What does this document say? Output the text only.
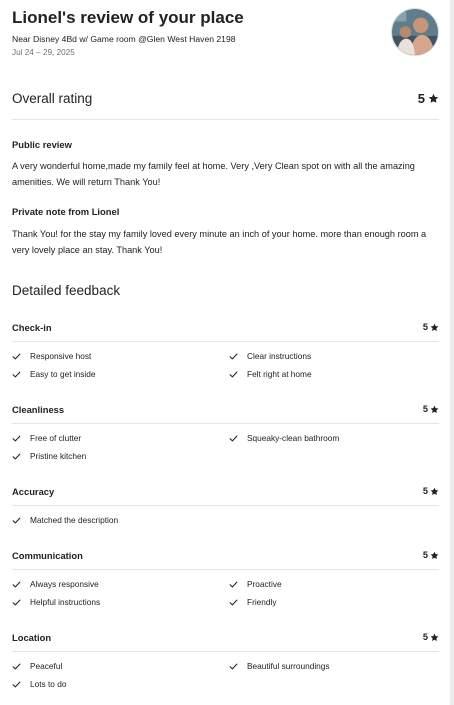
Lionel's review of your place
Near Disney 4Bd w/ Game room @Glen West Haven 2198
Jul 24 – 29, 2025
Overall rating	5
Public review
A very wonderful home,made my family feel at home. Very ,Very Clean spot on with all the amazing amenities. We will return Thank You!
Private note from Lionel
Thank You! for the stay my family loved every minute an inch of your home. more than enough room a very lovely place an stay. Thank You!
Detailed feedback
Check-in	5
Responsive host	Clear instructions
Easy to get inside	Felt right at home
Cleanliness	5
Free of clutter	Squeaky-clean bathroom
Pristine kitchen
Accuracy	5
Matched the description
Communication	5
Always responsive	Proactive
Helpful instructions	Friendly
Location	5
Peaceful	Beautiful surroundings
Lots to do
